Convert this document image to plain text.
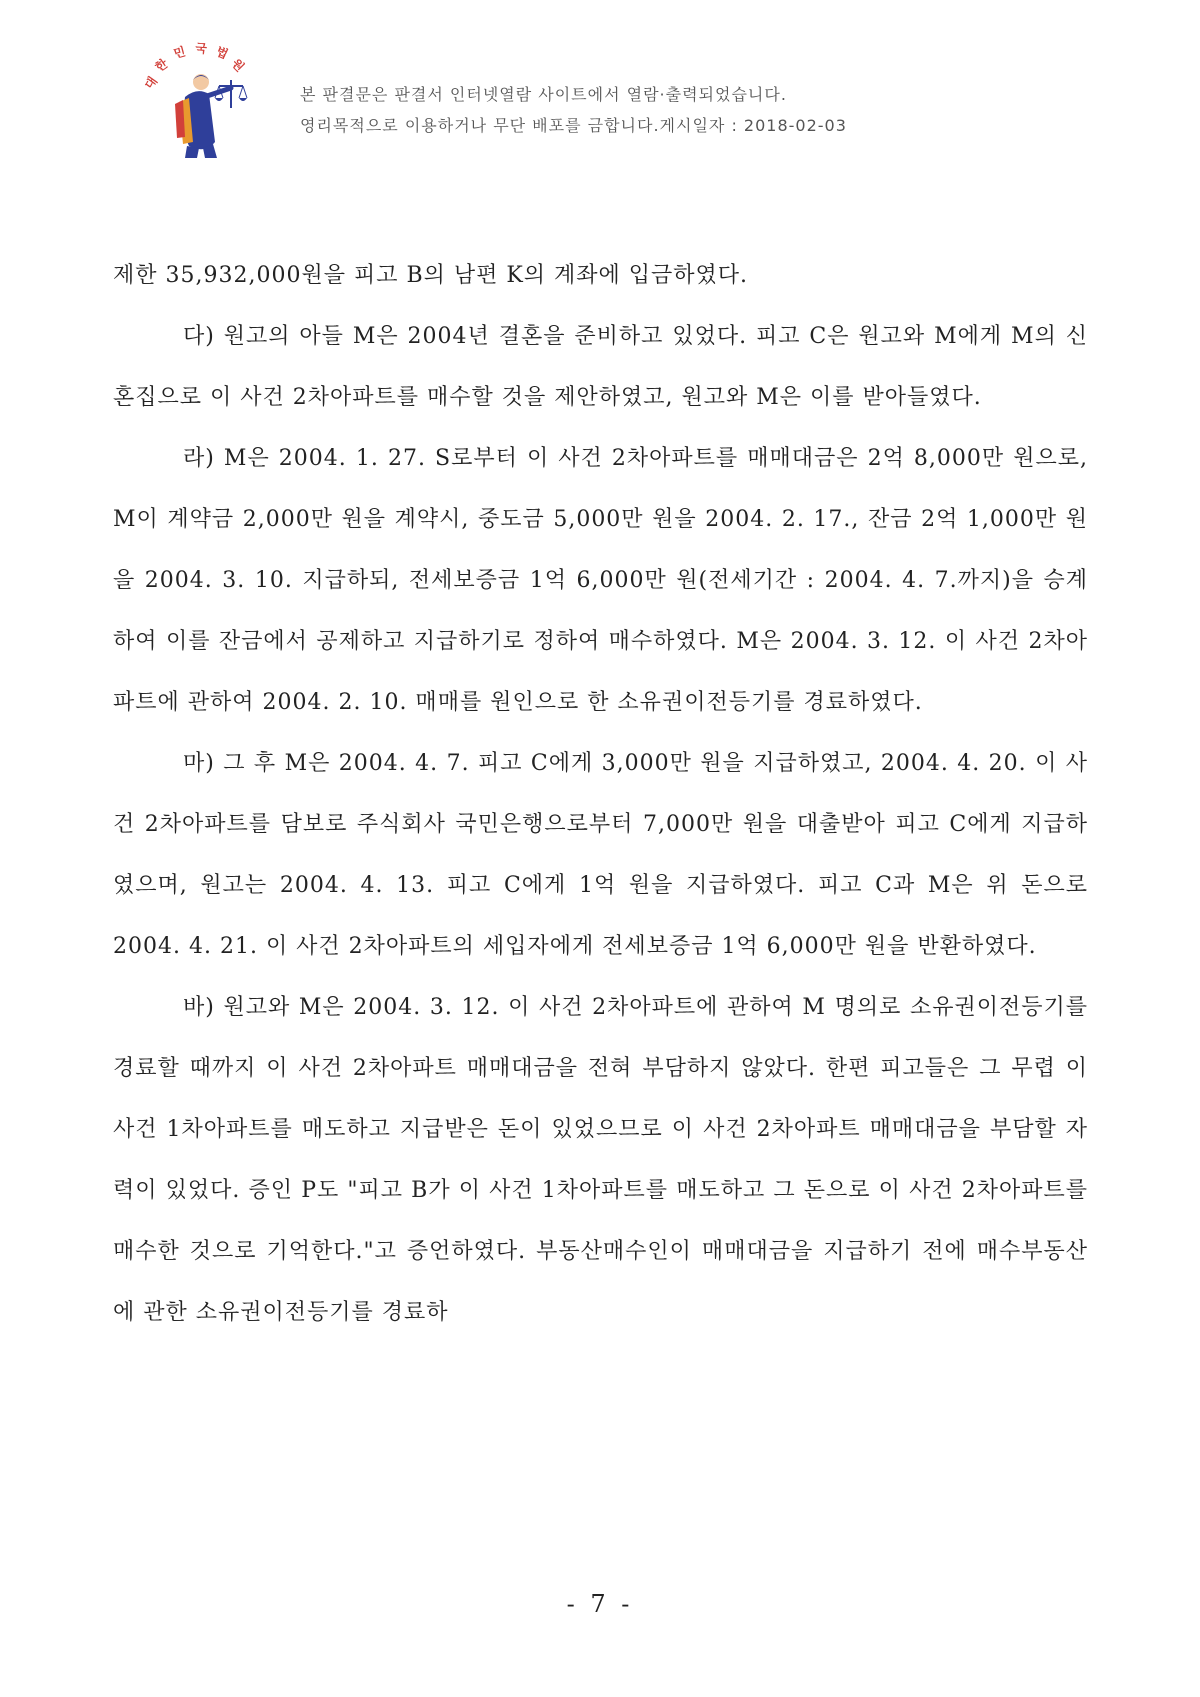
대
한
민 국 법
원
본 판결문은 판결서 인터넷열람 사이트에서 열람·출력되었습니다.
영리목적으로 이용하거나 무단 배포를 금합니다.게시일자 : 2018-02-03

제한 35,932,000원을 피고 B의 남편 K의 계좌에 입금하였다.

다) 원고의 아들 M은 2004년 결혼을 준비하고 있었다. 피고 C은 원고와 M에게 M의 신혼집으로 이 사건 2차아파트를 매수할 것을 제안하였고, 원고와 M은 이를 받아들였다.

라) M은 2004. 1. 27. S로부터 이 사건 2차아파트를 매매대금은 2억 8,000만 원으로, M이 계약금 2,000만 원을 계약시, 중도금 5,000만 원을 2004. 2. 17., 잔금 2억 1,000만 원을 2004. 3. 10. 지급하되, 전세보증금 1억 6,000만 원(전세기간 : 2004. 4. 7.까지)을 승계하여 이를 잔금에서 공제하고 지급하기로 정하여 매수하였다. M은 2004. 3. 12. 이 사건 2차아파트에 관하여 2004. 2. 10. 매매를 원인으로 한 소유권이전등기를 경료하였다.

마) 그 후 M은 2004. 4. 7. 피고 C에게 3,000만 원을 지급하였고, 2004. 4. 20. 이 사건 2차아파트를 담보로 주식회사 국민은행으로부터 7,000만 원을 대출받아 피고 C에게 지급하였으며, 원고는 2004. 4. 13. 피고 C에게 1억 원을 지급하였다. 피고 C과 M은 위 돈으로 2004. 4. 21. 이 사건 2차아파트의 세입자에게 전세보증금 1억 6,000만 원을 반환하였다.

바) 원고와 M은 2004. 3. 12. 이 사건 2차아파트에 관하여 M 명의로 소유권이전등기를 경료할 때까지 이 사건 2차아파트 매매대금을 전혀 부담하지 않았다. 한편 피고들은 그 무렵 이 사건 1차아파트를 매도하고 지급받은 돈이 있었으므로 이 사건 2차아파트 매매대금을 부담할 자력이 있었다. 증인 P도 "피고 B가 이 사건 1차아파트를 매도하고 그 돈으로 이 사건 2차아파트를 매수한 것으로 기억한다."고 증언하였다. 부동산매수인이 매매대금을 지급하기 전에 매수부동산에 관한 소유권이전등기를 경료하

- 7 -
